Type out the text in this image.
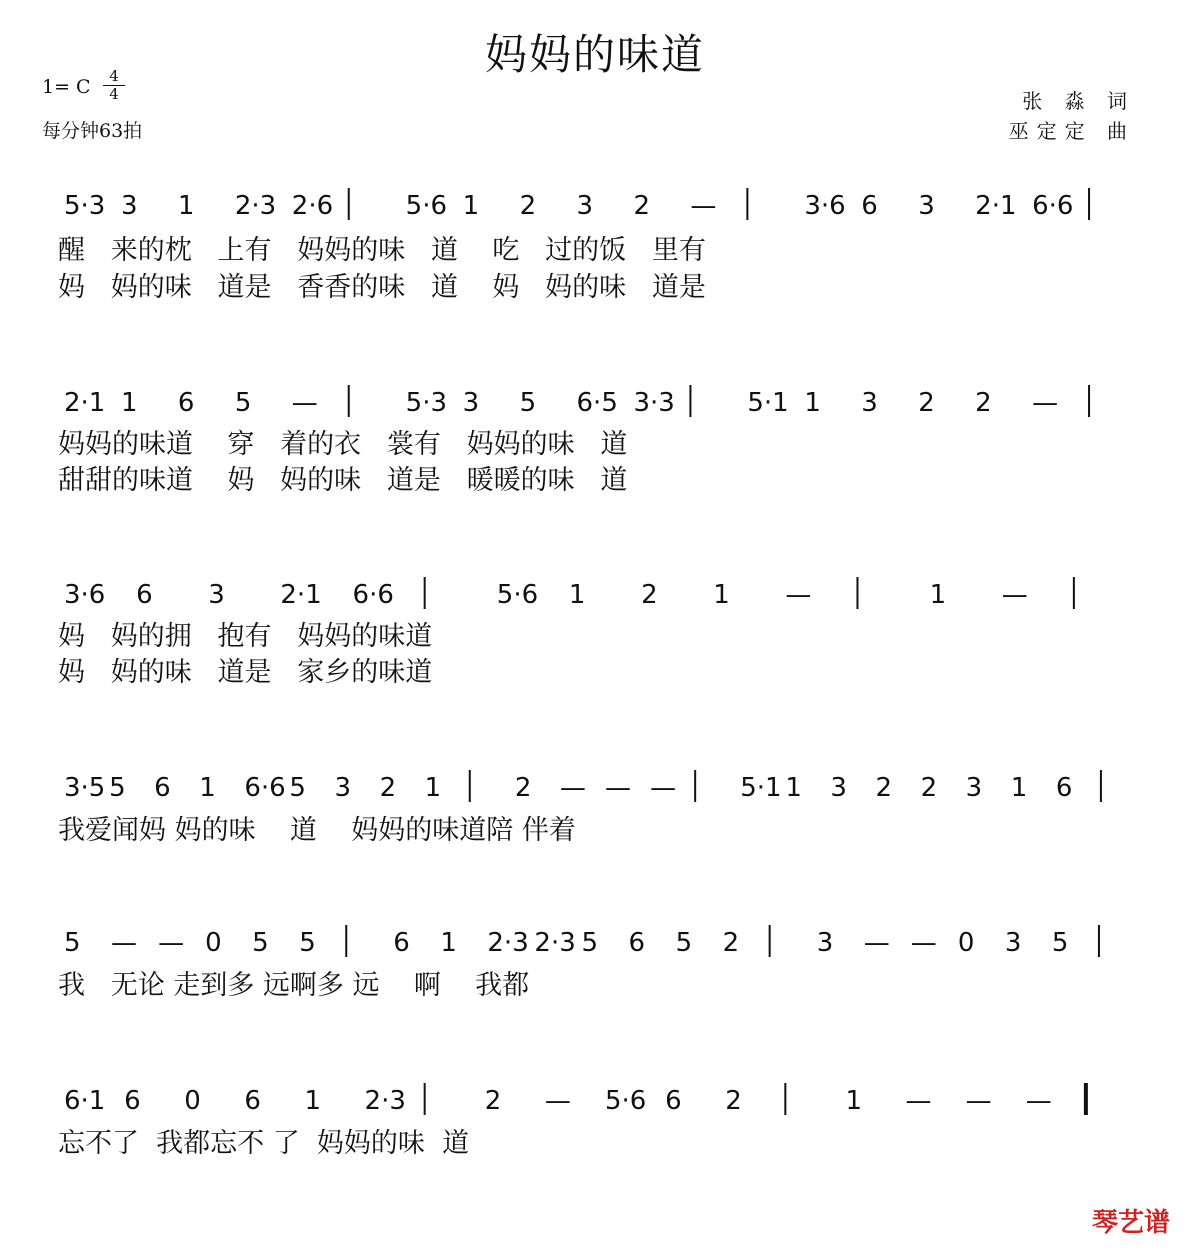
妈妈的味道
1= C	4
4
每分钟63拍
张 淼 词
巫定定 曲
5·3 3 1 2·3 2·6	5·6 1 2 3 2 —	3·6 6 3 2·1 6·6
2·1 1 6 5 —	5·3 3 5 6·5 3·3	5·1 1 3 2 2 —
3·6 6 3 2·1 6·6	5·6 1 2 1 —	1 —
3·5 5 6 1 6·6 5 3 2 1	2 — — — 5·1 1 3 2 2 3 1 6
5 — — 0 5 5	6 1 2·3 2·3 5 6 5 2	3 — — 0 3 5
6·1 6 0 6 1 2·3	2 — 5·6 6 2	1 — — —
醒   来的枕   上有   妈妈的味   道    吃   过的饭   里有
妈   妈的味   道是   香香的味   道    妈   妈的味   道是
妈妈的味道    穿   着的衣   裳有   妈妈的味   道
甜甜的味道    妈   妈的味   道是   暖暖的味   道
妈   妈的拥   抱有   妈妈的味道
妈   妈的味   道是   家乡的味道
我爱闻妈 妈的味    道    妈妈的味道陪 伴着
我   无论 走到多 远啊多 远    啊    我都
忘不了  我都忘不 了  妈妈的味  道
琴艺谱
